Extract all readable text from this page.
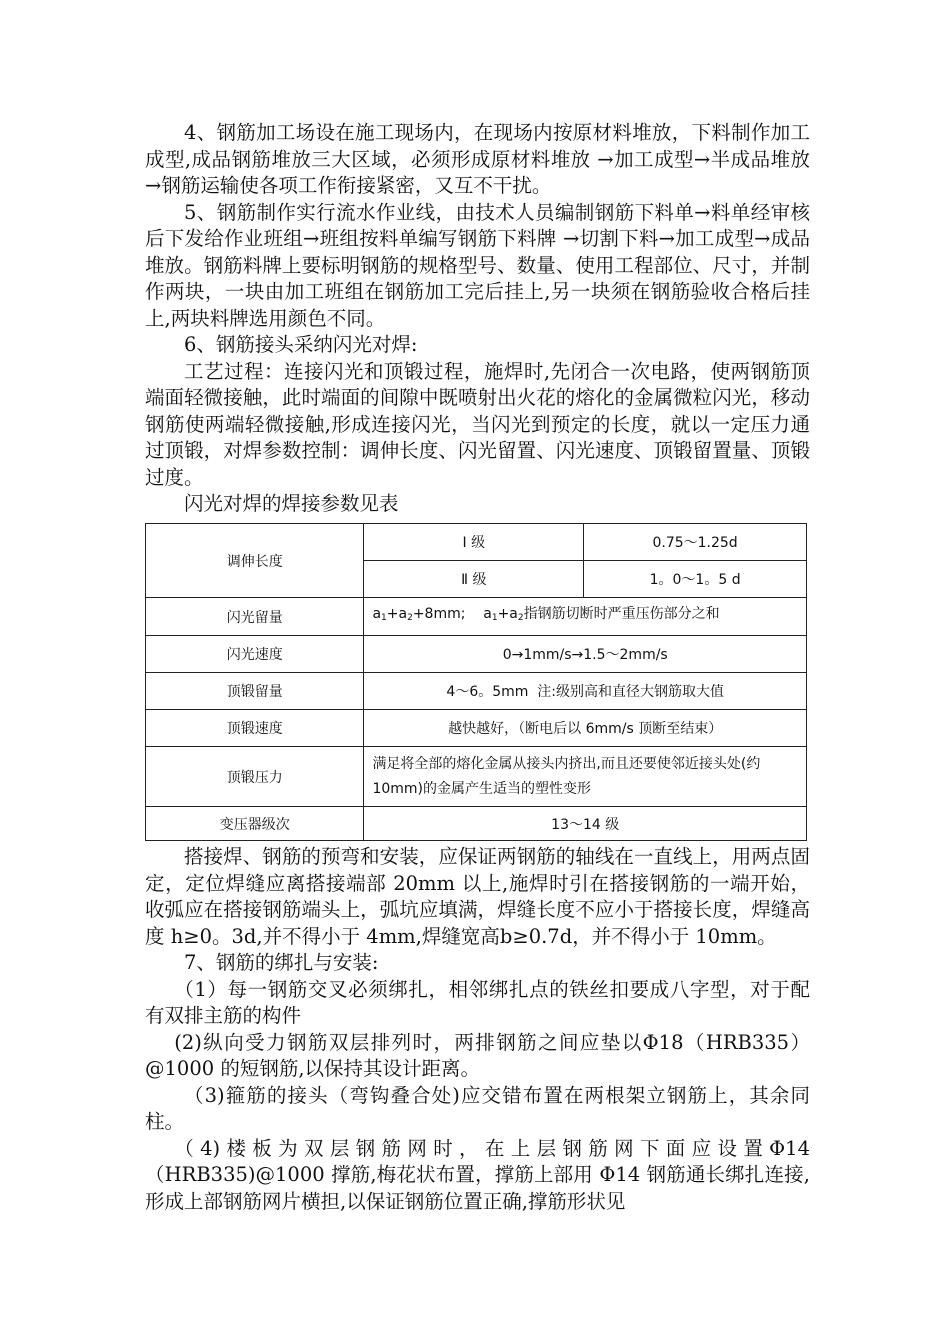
4、钢筋加工场设在施工现场内，在现场内按原材料堆放，下料制作加工成型,成品钢筋堆放三大区域，必须形成原材料堆放 →加工成型→半成品堆放→钢筋运输使各项工作衔接紧密，又互不干扰。

5、钢筋制作实行流水作业线，由技术人员编制钢筋下料单→料单经审核后下发给作业班组→班组按料单编写钢筋下料牌 →切割下料→加工成型→成品堆放。钢筋料牌上要标明钢筋的规格型号、数量、使用工程部位、尺寸，并制作两块，一块由加工班组在钢筋加工完后挂上,另一块须在钢筋验收合格后挂上,两块料牌选用颜色不同。

6、钢筋接头采纳闪光对焊:

工艺过程：连接闪光和顶锻过程，施焊时,先闭合一次电路，使两钢筋顶端面轻微接触，此时端面的间隙中既喷射出火花的熔化的金属微粒闪光，移动钢筋使两端轻微接触,形成连接闪光，当闪光到预定的长度，就以一定压力通过顶锻，对焊参数控制：调伸长度、闪光留置、闪光速度、顶锻留置量、顶锻过度。

闪光对焊的焊接参数见表

调伸长度	Ⅰ 级	0.75～1.25d
	Ⅱ 级	1。0～1。5 d
闪光留量	$a_1+a_2+8mm$;    $a_1+a_2$指钢筋切断时严重压伤部分之和	
闪光速度	0→1mm/s→1.5～2mm/s	
顶锻留量	4～6。5mm  注:级别高和直径大钢筋取大值	
顶锻速度	越快越好，（断电后以 6mm/s 顶断至结束）	
顶锻压力	满足将全部的熔化金属从接头内挤出,而且还要使邻近接头处(约 10mm)的金属产生适当的塑性变形	
变压器级次	13～14 级	

搭接焊、钢筋的预弯和安装，应保证两钢筋的轴线在一直线上，用两点固定，定位焊缝应离搭接端部 20mm 以上,施焊时引在搭接钢筋的一端开始，收弧应在搭接钢筋端头上，弧坑应填满，焊缝长度不应小于搭接长度，焊缝高度 h≥0。3d,并不得小于 4mm,焊缝宽高b≥0.7d，并不得小于 10mm。

7、钢筋的绑扎与安装:

（1）每一钢筋交叉必须绑扎，相邻绑扎点的铁丝扣要成八字型，对于配有双排主筋的构件

(2)纵向受力钢筋双层排列时，两排钢筋之间应垫以Φ18（HRB335）@1000 的短钢筋,以保持其设计距离。

（3)箍筋的接头（弯钩叠合处)应交错布置在两根架立钢筋上，其余同柱。

（4)楼板为双层钢筋网时，在上层钢筋网下面应设置Φ14（HRB335)@1000 撑筋,梅花状布置，撑筋上部用 Φ14 钢筋通长绑扎连接,形成上部钢筋网片横担,以保证钢筋位置正确,撑筋形状见
